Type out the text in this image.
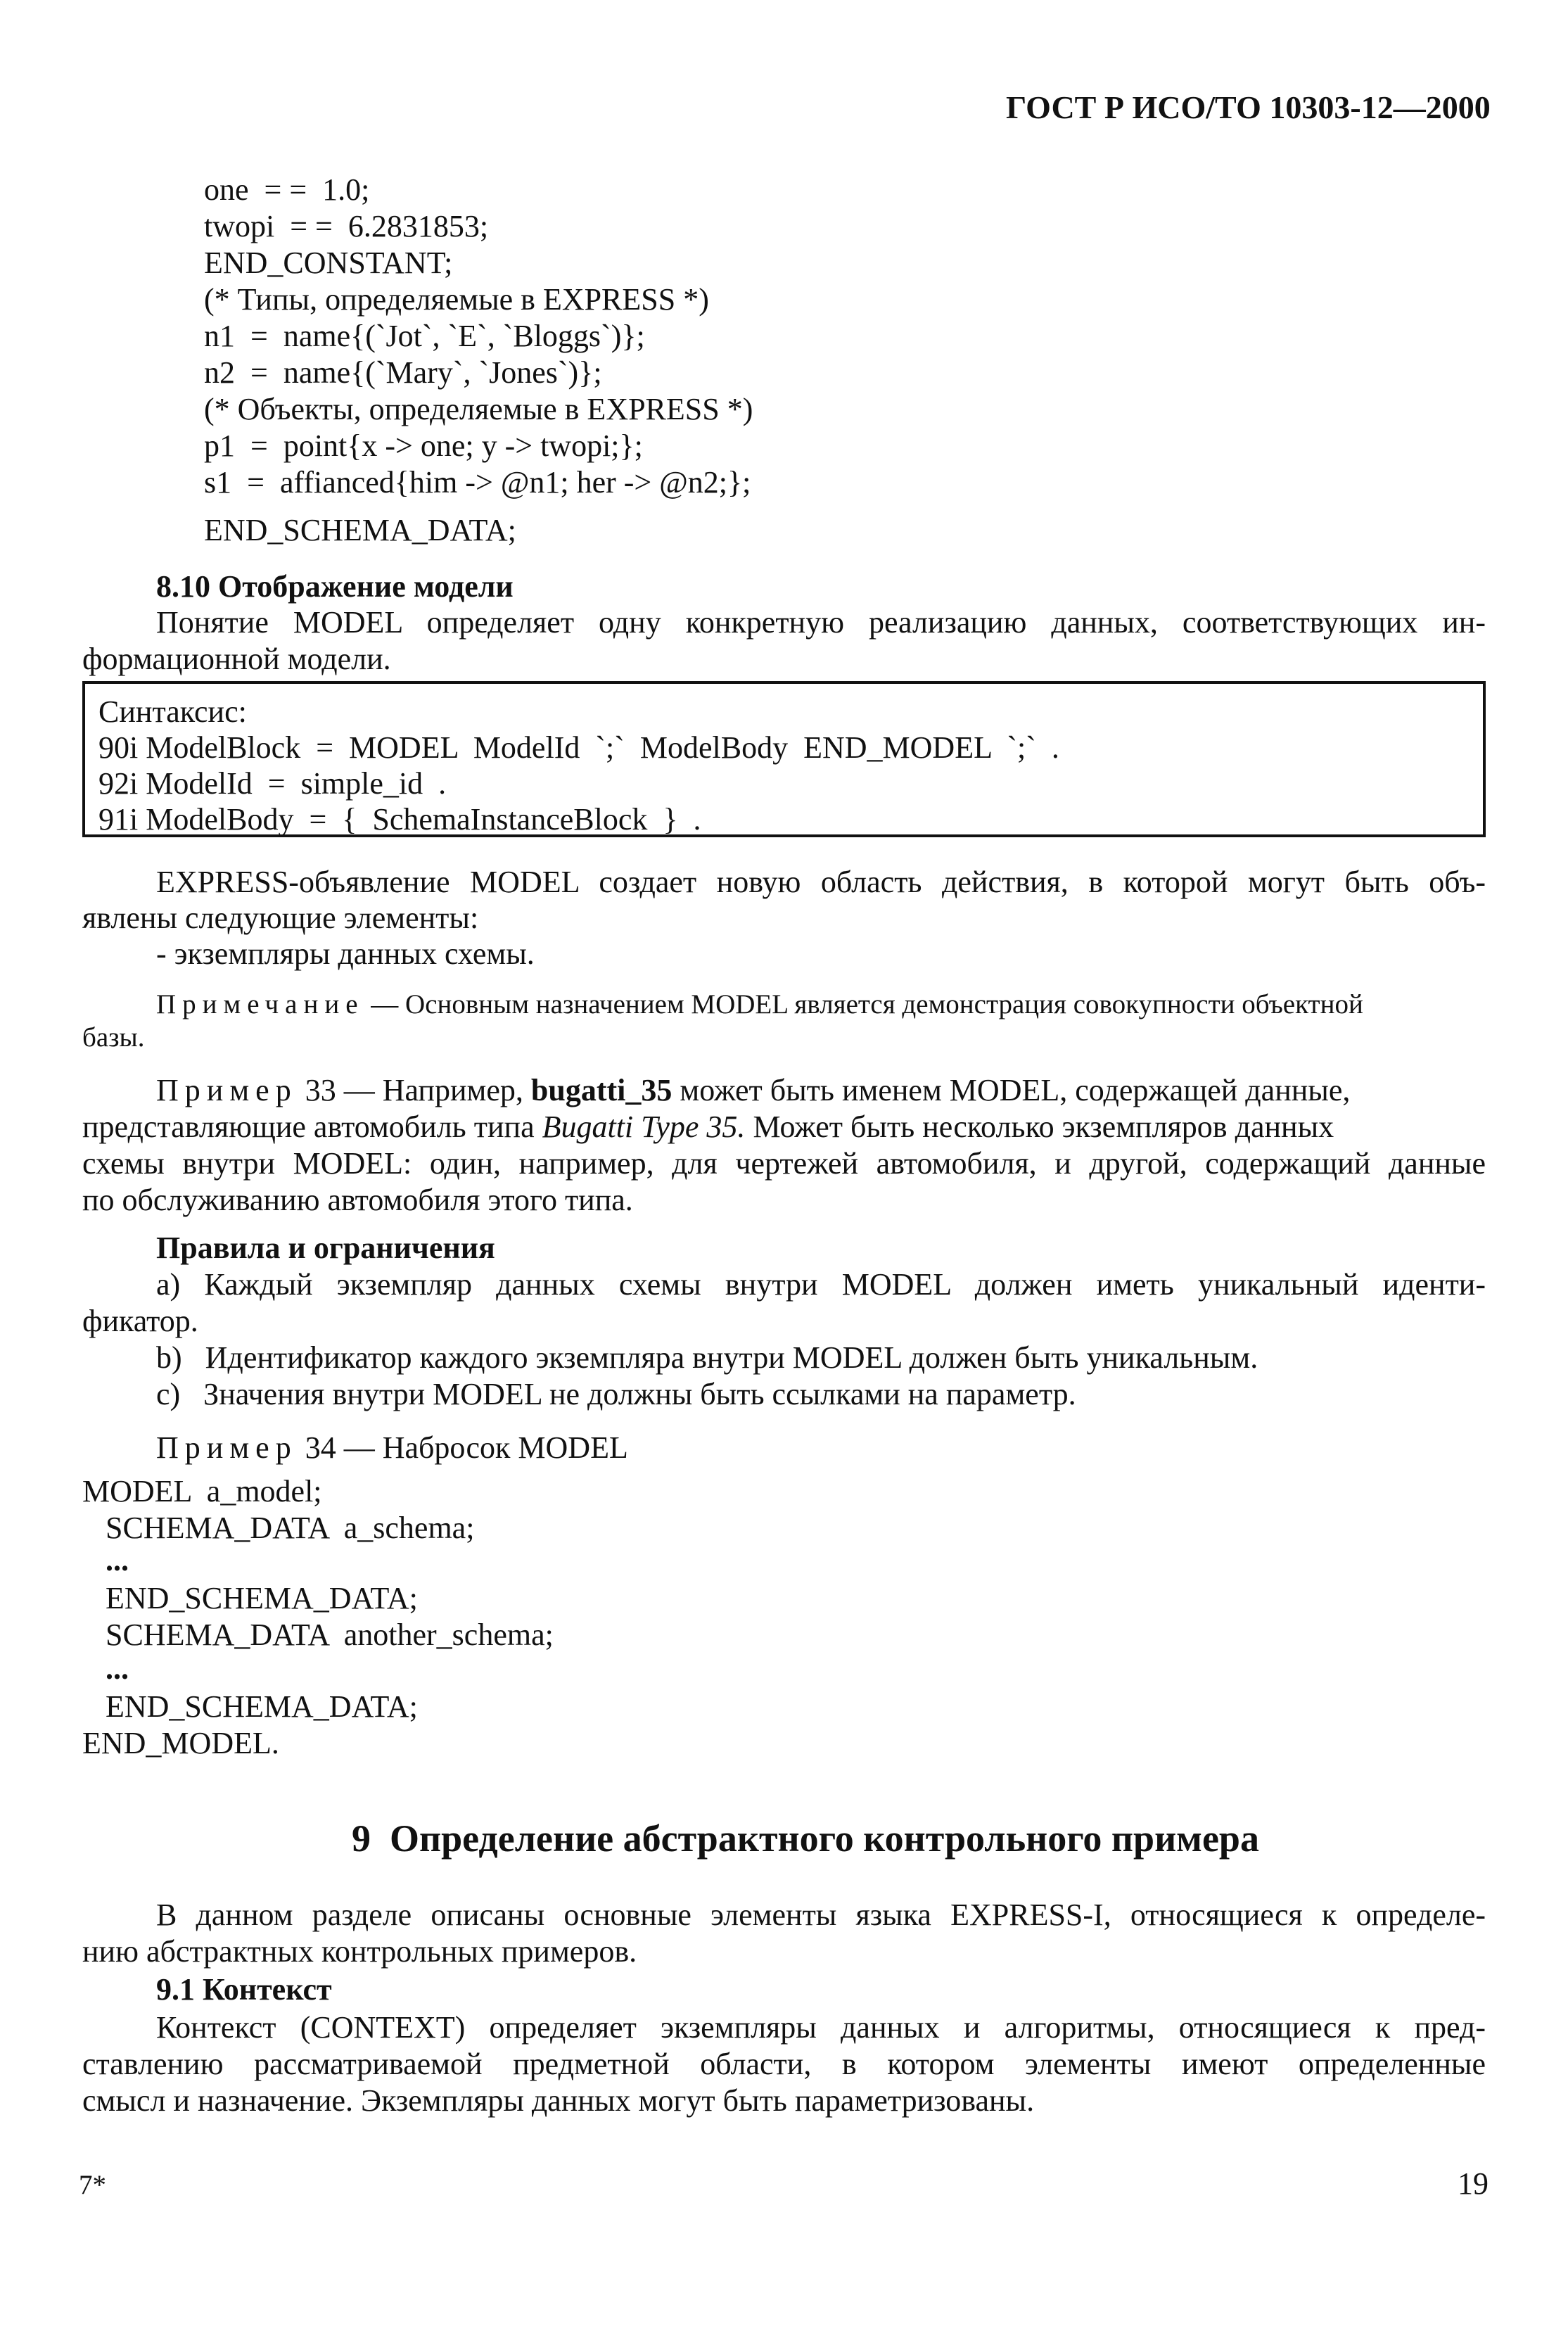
ГОСТ Р ИСО/ТО 10303-12—2000
one  = =  1.0;
twopi  = =  6.2831853;
END_CONSTANT;
(* Типы, определяемые в EXPRESS *)
n1  =  name{(`Jot`, `E`, `Bloggs`)};
n2  =  name{(`Mary`, `Jones`)};
(* Объекты, определяемые в EXPRESS *)
p1  =  point{x -> one; y -> twopi;};
s1  =  affianced{him -> @n1; her -> @n2;};
END_SCHEMA_DATA;
8.10 Отображение модели
Понятие MODEL определяет одну конкретную реализацию данных, соответствующих ин-
формационной модели.
Синтаксис:
90i ModelBlock  =  MODEL  ModelId  `;`  ModelBody  END_MODEL  `;`  .
92i ModelId  =  simple_id  .
91i ModelBody  =  {  SchemaInstanceBlock  }  .
EXPRESS-объявление MODEL создает новую область действия, в которой могут быть объ-
явлены следующие элементы:
- экземпляры данных схемы.
Примечание — Основным назначением MODEL является демонстрация совокупности объектной
базы.
Пример 33 — Например, bugatti_35 может быть именем MODEL, содержащей данные,
представляющие автомобиль типа Bugatti Type 35. Может быть несколько экземпляров данных
схемы внутри MODEL: один, например, для чертежей автомобиля, и другой, содержащий данные
по обслуживанию автомобиля этого типа.
Правила и ограничения
a) Каждый экземпляр данных схемы внутри MODEL должен иметь уникальный иденти-
фикатор.
b)   Идентификатор каждого экземпляра внутри MODEL должен быть уникальным.
c)   Значения внутри MODEL не должны быть ссылками на параметр.
Пример 34 — Набросок MODEL
MODEL  a_model;
SCHEMA_DATA  a_schema;
...
END_SCHEMA_DATA;
SCHEMA_DATA  another_schema;
...
END_SCHEMA_DATA;
END_MODEL.
9  Определение абстрактного контрольного примера
В данном разделе описаны основные элементы языка EXPRESS-I, относящиеся к определе-
нию абстрактных контрольных примеров.
9.1 Контекст
Контекст (CONTEXT) определяет экземпляры данных и алгоритмы, относящиеся к пред-
ставлению рассматриваемой предметной области, в котором элементы имеют определенные
смысл и назначение. Экземпляры данных могут быть параметризованы.
7*	19
